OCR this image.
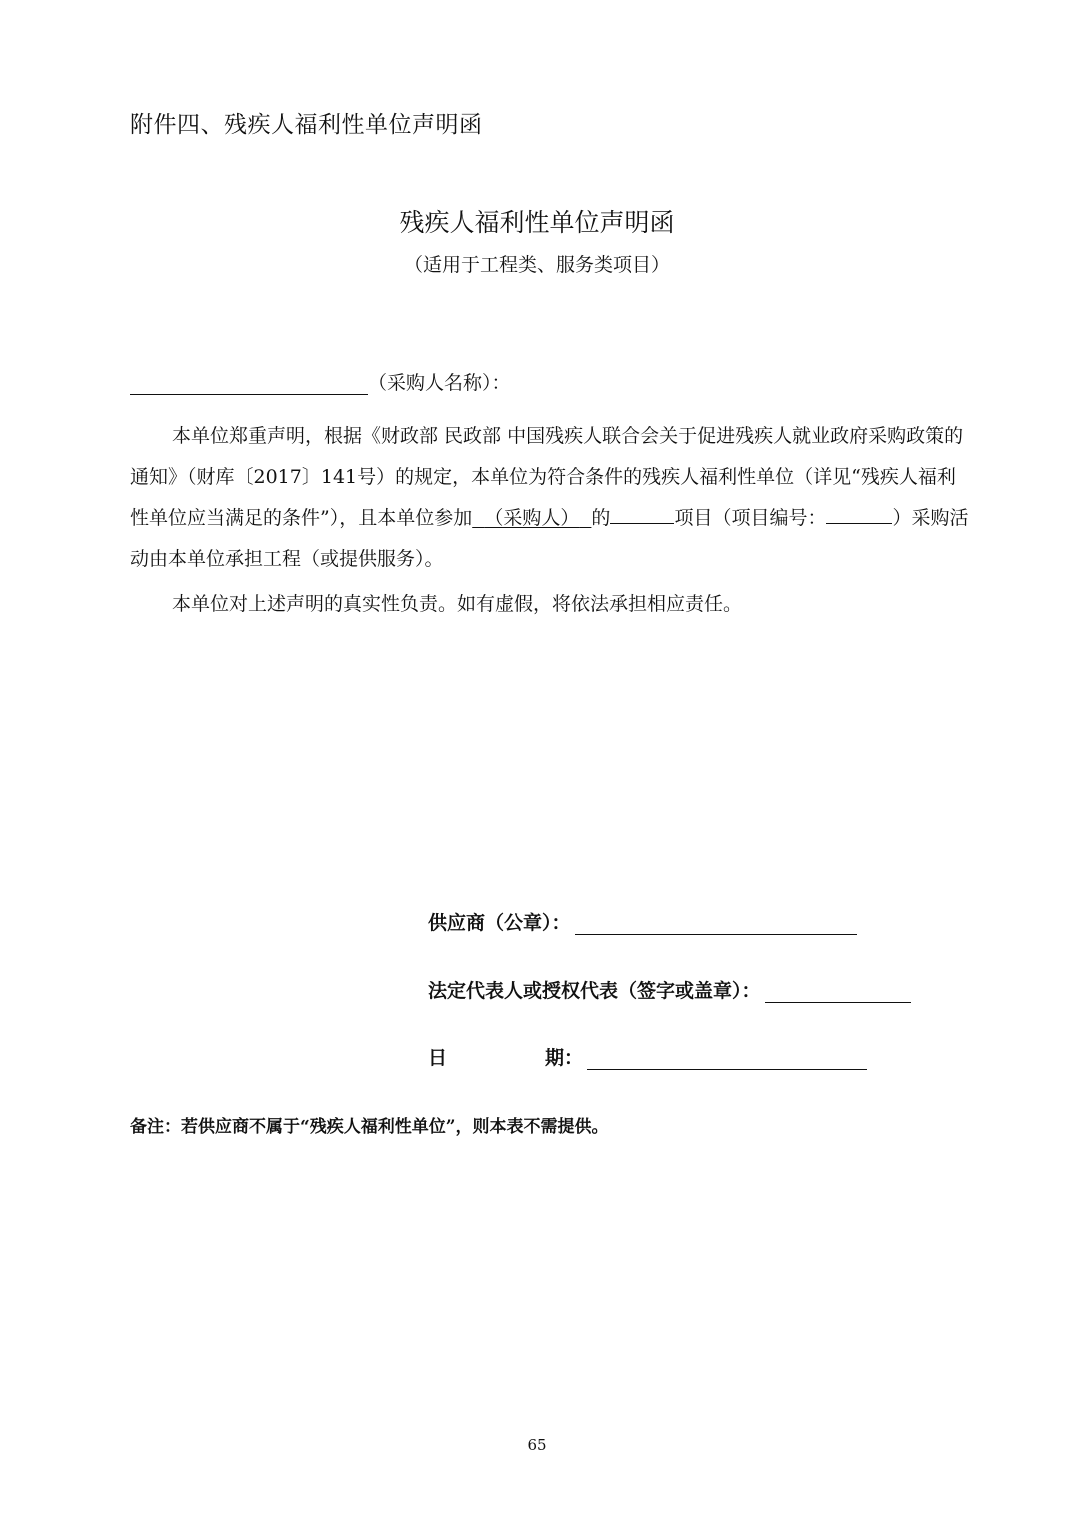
附件四、残疾人福利性单位声明函
残疾人福利性单位声明函
（适用于工程类、服务类项目）
（采购人名称）：
本单位郑重声明，根据《财政部 民政部 中国残疾人联合会关于促进残疾人就业政府采购政策的通知》（财库〔2017〕141号）的规定，本单位为符合条件的残疾人福利性单位（详见“残疾人福利性单位应当满足的条件”），且本单位参加 （采购人） 的	项目（项目编号：	）采购活动由本单位承担工程（或提供服务）。
本单位对上述声明的真实性负责。如有虚假，将依法承担相应责任。
供应商（公章）：
法定代表人或授权代表（签字或盖章）：
日	期：
备注：若供应商不属于“残疾人福利性单位”，则本表不需提供。
65
